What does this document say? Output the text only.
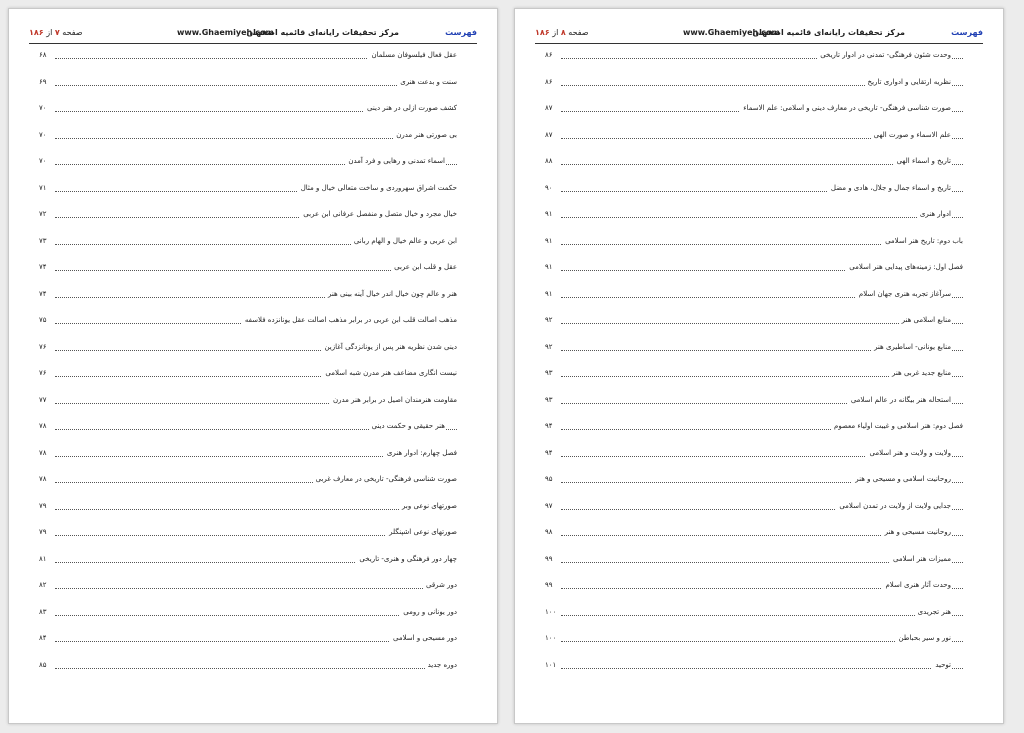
فهرست
مرکز تحقیقات رایانه‌ای قائمیه اصفهان
www.Ghaemiyeh.com
صفحه ۷ از ۱۸۶
عقل فعال فیلسوفان مسلمان
۶۸
سنت و بدعت هنری
۶۹
کشف صورت ازلی در هنر دینی
۷۰
بی صورتی هنر مدرن
۷۰
اسماء تمدنی و رهایی و فرد آمدن
۷۰
حکمت اشراق سهروردی و ساخت متعالی خیال و مثال
۷۱
خیال مجرد و خیال متصل و منفصل عرفانی ابن عربی
۷۲
ابن عربی و عالم خیال و الهام ربانی
۷۳
عقل و قلب ابن عربی
۷۴
هنر و عالم چون خیال اندر خیال آینه بینی هنر
۷۴
مذهب اصالت قلب ابن عربی در برابر مذهب اصالت عقل یونانزده فلاسفه
۷۵
دینی شدن نظریه هنر پس از یونانزدگی آغازین
۷۶
نیست انگاری مضاعف هنر مدرن شبه اسلامی
۷۶
مقاومت هنرمندان اصیل در برابر هنر مدرن
۷۷
هنر حقیقی و حکمت دینی
۷۸
فصل چهارم: ادوار هنری
۷۸
صورت شناسی فرهنگی- تاریخی در معارف غربی
۷۸
صورتهای نوعی وبر
۷۹
صورتهای نوعی اشپنگلر
۷۹
چهار دور فرهنگی و هنری- تاریخی
۸۱
دور شرقی
۸۲
دور یونانی و رومی
۸۳
دور مسیحی و اسلامی
۸۴
دوره جدید
۸۵
فهرست
مرکز تحقیقات رایانه‌ای قائمیه اصفهان
www.Ghaemiyeh.com
صفحه ۸ از ۱۸۶
وحدت شئون فرهنگی- تمدنی در ادوار تاریخی
۸۶
نظریه ارتقایی و ادواری تاریخ
۸۶
صورت شناسی فرهنگی- تاریخی در معارف دینی و اسلامی: علم الاسماء
۸۷
علم الاسماء و صورت الهی
۸۷
تاریخ و اسماء الهی
۸۸
تاریخ و اسماء جمال و جلال، هادی و مضل
۹۰
ادوار هنری
۹۱
باب دوم: تاریخ هنر اسلامی
۹۱
فصل اول: زمینه‌های پیدایی هنر اسلامی
۹۱
سرآغاز تجربه هنری جهان اسلام
۹۱
منابع اسلامی هنر
۹۲
منابع یونانی- اساطیری هنر
۹۲
منابع جدید غربی هنر
۹۳
استحاله هنر بیگانه در عالم اسلامی
۹۳
فصل دوم: هنر اسلامی و غیبت اولیاء معصوم
۹۴
ولایت و ولایت و هنر اسلامی
۹۴
روحانیت اسلامی و مسیحی و هنر
۹۵
جدایی ولایت از ولایت در تمدن اسلامی
۹۷
روحانیت مسیحی و هنر
۹۸
ممیزات هنر اسلامی
۹۹
وحدت آثار هنری اسلام
۹۹
هنر تجریدی
۱۰۰
نور و سیر بحباطن
۱۰۰
توحید
۱۰۱
